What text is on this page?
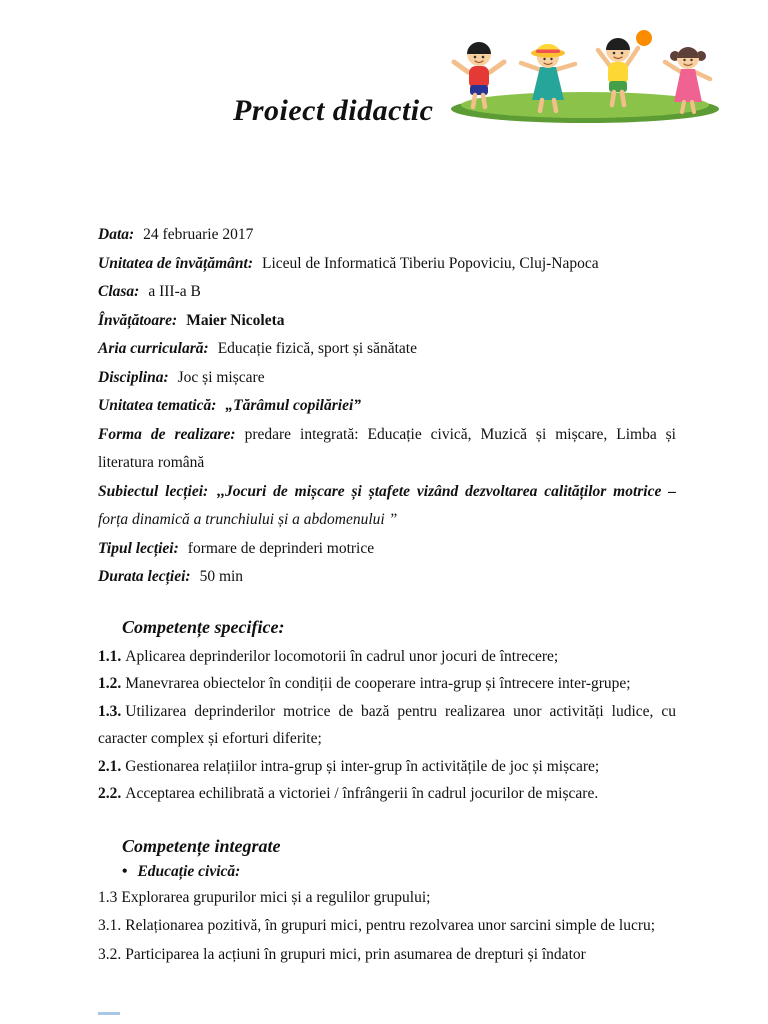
Proiect didactic

Data: 24 februarie 2017

Unitatea de învățământ: Liceul de Informatică Tiberiu Popoviciu, Cluj-Napoca

Clasa: a III-a B

Învățătoare: Maier Nicoleta

Aria curriculară: Educație fizică, sport și sănătate

Disciplina: Joc și mișcare

Unitatea tematică: „Tărâmul copilăriei”

Forma de realizare: predare integrată: Educație civică, Muzică și mișcare, Limba și literatura română

Subiectul lecției: ,,Jocuri de mișcare și ștafete vizând dezvoltarea calităților motrice – forța dinamică a trunchiului și a abdomenului ”

Tipul lecției: formare de deprinderi motrice

Durata lecției: 50 min

Competențe specifice:

1.1. Aplicarea deprinderilor locomotorii în cadrul unor jocuri de întrecere;

1.2. Manevrarea obiectelor în condiții de cooperare intra-grup și întrecere inter-grupe;

1.3. Utilizarea deprinderilor motrice de bază pentru realizarea unor activități ludice, cu caracter complex și eforturi diferite;

2.1. Gestionarea relațiilor intra-grup și inter-grup în activitățile de joc și mișcare;

2.2. Acceptarea echilibrată a victoriei / înfrângerii în cadrul jocurilor de mișcare.

Competențe integrate

• Educație civică:

1.3 Explorarea grupurilor mici și a regulilor grupului;

3.1. Relaționarea pozitivă, în grupuri mici, pentru rezolvarea unor sarcini simple de lucru;

3.2. Participarea la acțiuni în grupuri mici, prin asumarea de drepturi și îndator
